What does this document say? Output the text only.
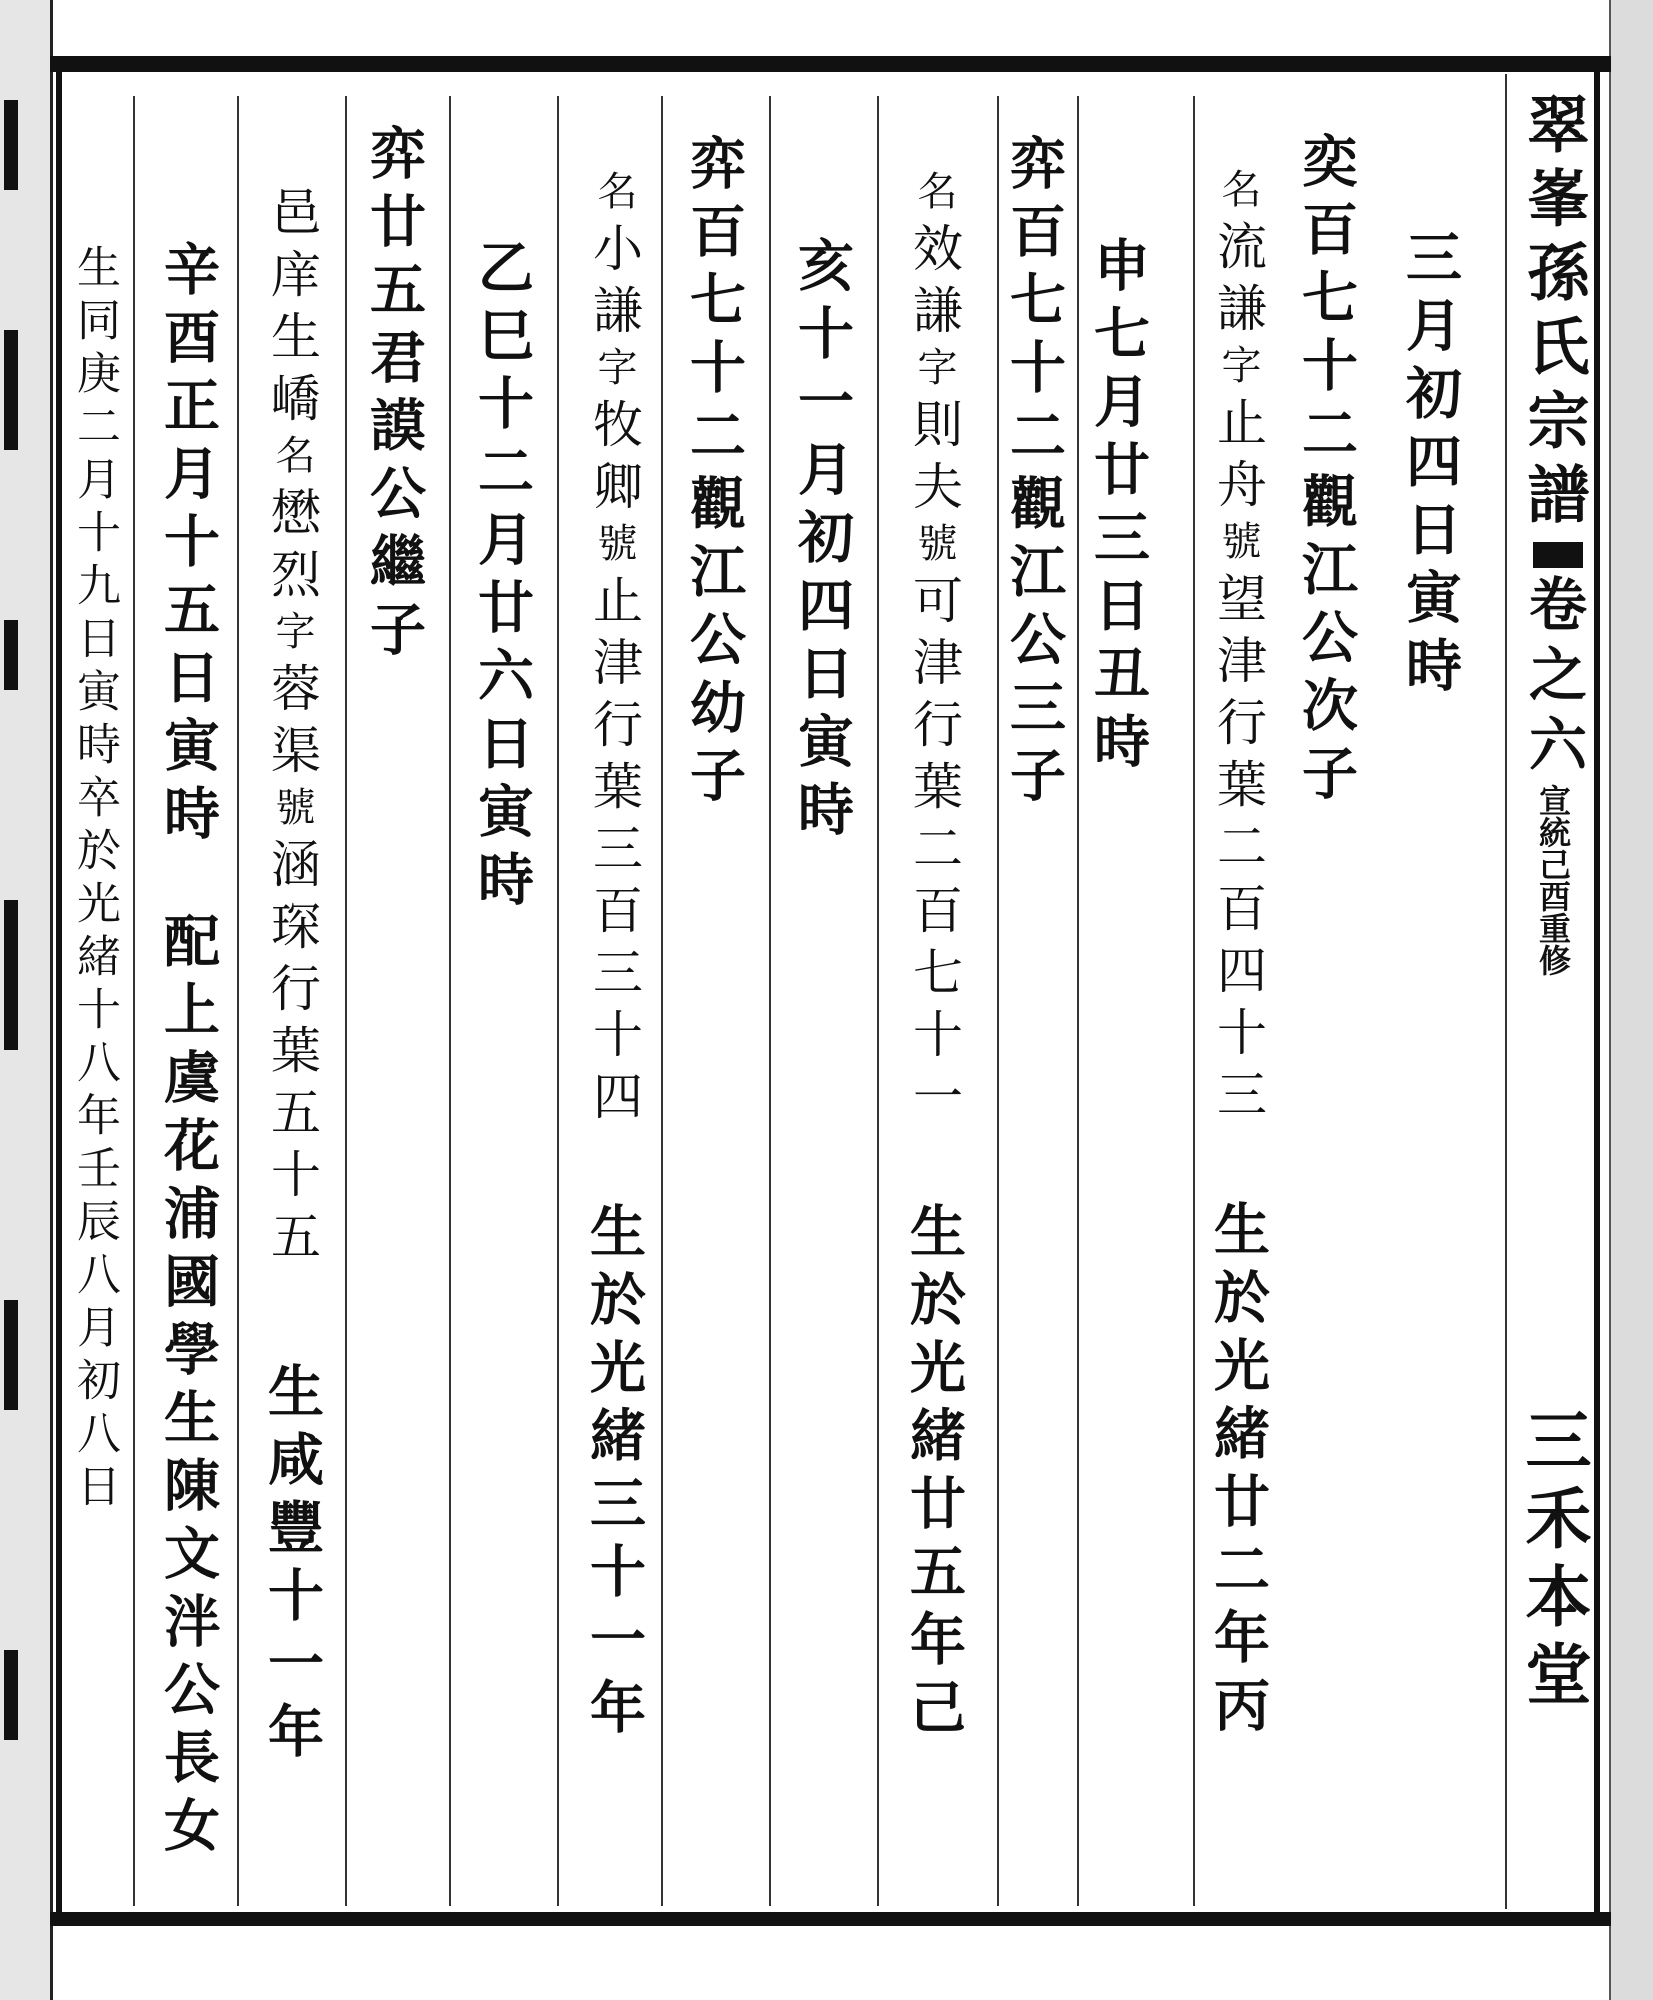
翠峯孫氏宗譜卷之六宣統己酉重修三禾本堂
三月初四日寅時
奕百七十二觀江公次子
名流謙字止舟號望津行葉二百四十三生於光緒廿二年丙
申七月廿三日丑時
弈百七十二觀江公三子
名效謙字則夫號可津行葉二百七十一生於光緒廿五年己
亥十一月初四日寅時
弈百七十二觀江公幼子
名小謙字牧卿號止津行葉三百三十四生於光緒三十一年
乙巳十二月廿六日寅時
弈廿五君謨公繼子
邑庠生嶠名懋烈字蓉渠號涵琛行葉五十五生咸豐十一年
辛酉正月十五日寅時配上虞花浦國學生陳文泮公長女
生同庚二月十九日寅時卒於光緒十八年壬辰八月初八日
